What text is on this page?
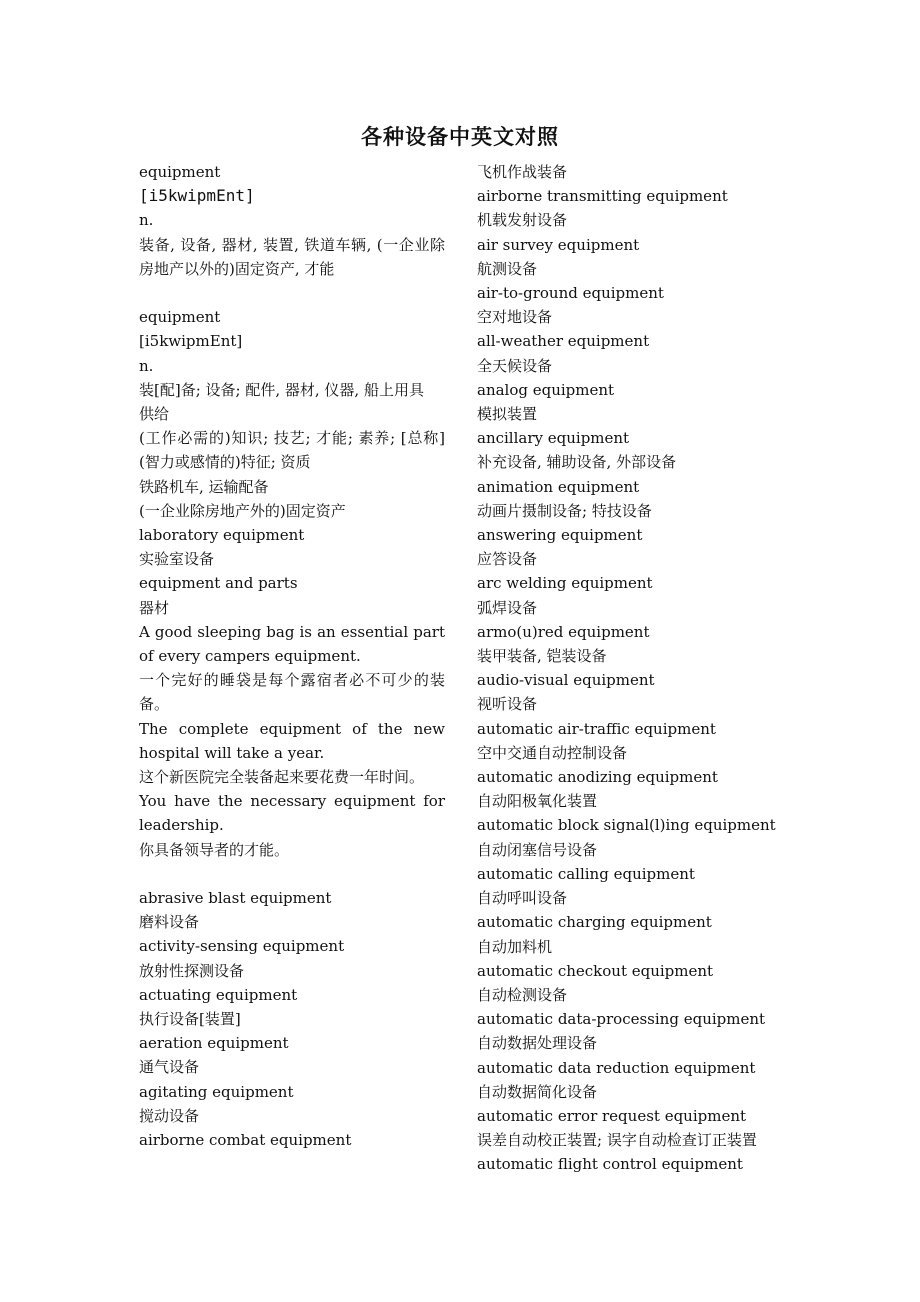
各种设备中英文对照
equipment
[i5kwipmEnt]
n.
装备, 设备, 器材, 装置, 铁道车辆, (一企业除房地产以外的)固定资产, 才能
equipment
[i5kwipmEnt]
n.
装[配]备; 设备; 配件, 器材, 仪器, 船上用具
供给
(工作必需的)知识; 技艺; 才能; 素养; [总称](智力或感情的)特征; 资质
铁路机车, 运输配备
(一企业除房地产外的)固定资产
laboratory equipment
实验室设备
equipment and parts
器材
A good sleeping bag is an essential part of every campers equipment.
一个完好的睡袋是每个露宿者必不可少的装备。
The complete equipment of the new hospital will take a year.
这个新医院完全装备起来要花费一年时间。
You have the necessary equipment for leadership.
你具备领导者的才能。
abrasive blast equipment
磨料设备
activity-sensing equipment
放射性探测设备
actuating equipment
执行设备[装置]
aeration equipment
通气设备
agitating equipment
搅动设备
airborne combat equipment
飞机作战装备
airborne transmitting equipment
机载发射设备
air survey equipment
航测设备
air-to-ground equipment
空对地设备
all-weather equipment
全天候设备
analog equipment
模拟装置
ancillary equipment
补充设备, 辅助设备, 外部设备
animation equipment
动画片摄制设备; 特技设备
answering equipment
应答设备
arc welding equipment
弧焊设备
armo(u)red equipment
装甲装备, 铠装设备
audio-visual equipment
视听设备
automatic air-traffic equipment
空中交通自动控制设备
automatic anodizing equipment
自动阳极氧化装置
automatic block signal(l)ing equipment
自动闭塞信号设备
automatic calling equipment
自动呼叫设备
automatic charging equipment
自动加料机
automatic checkout equipment
自动检测设备
automatic data-processing equipment
自动数据处理设备
automatic data reduction equipment
自动数据简化设备
automatic error request equipment
误差自动校正装置; 误字自动检查订正装置
automatic flight control equipment
